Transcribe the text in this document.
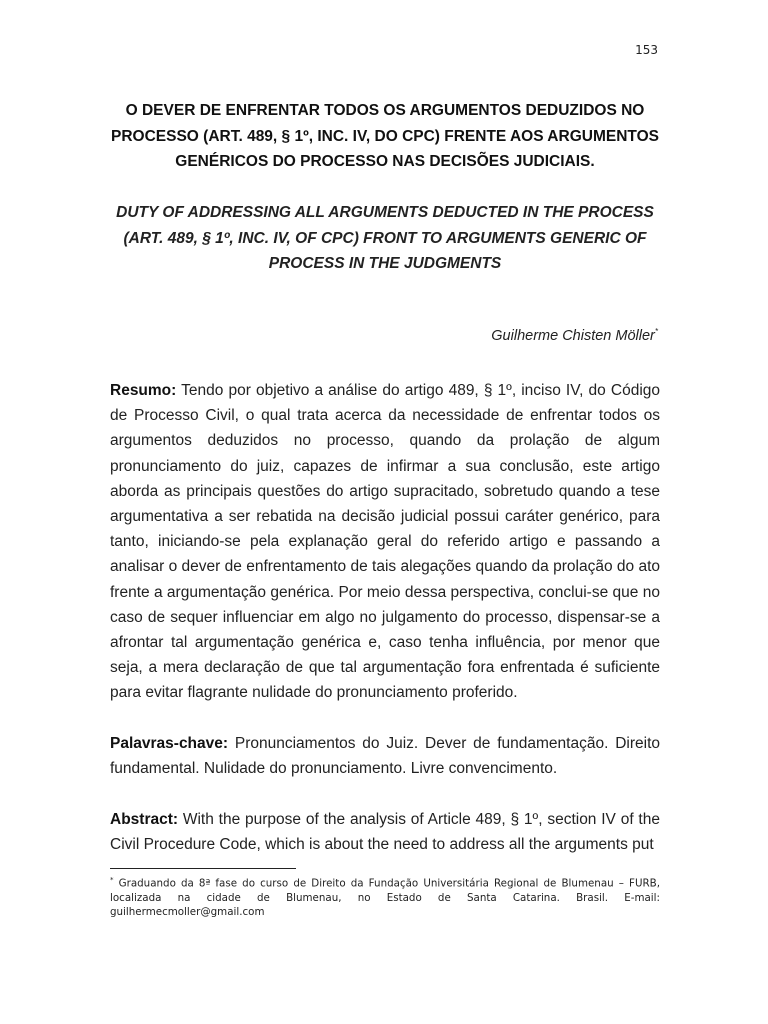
153
O DEVER DE ENFRENTAR TODOS OS ARGUMENTOS DEDUZIDOS NO PROCESSO (ART. 489, § 1º, INC. IV, DO CPC) FRENTE AOS ARGUMENTOS GENÉRICOS DO PROCESSO NAS DECISÕES JUDICIAIS.
DUTY OF ADDRESSING ALL ARGUMENTS DEDUCTED IN THE PROCESS (ART. 489, § 1º, INC. IV, OF CPC) FRONT TO ARGUMENTS GENERIC OF PROCESS IN THE JUDGMENTS
Guilherme Chisten Möller*

Resumo: Tendo por objetivo a análise do artigo 489, § 1º, inciso IV, do Código de Processo Civil, o qual trata acerca da necessidade de enfrentar todos os argumentos deduzidos no processo, quando da prolação de algum pronunciamento do juiz, capazes de infirmar a sua conclusão, este artigo aborda as principais questões do artigo supracitado, sobretudo quando a tese argumentativa a ser rebatida na decisão judicial possui caráter genérico, para tanto, iniciando-se pela explanação geral do referido artigo e passando a analisar o dever de enfrentamento de tais alegações quando da prolação do ato frente a argumentação genérica. Por meio dessa perspectiva, conclui-se que no caso de sequer influenciar em algo no julgamento do processo, dispensar-se a afrontar tal argumentação genérica e, caso tenha influência, por menor que seja, a mera declaração de que tal argumentação fora enfrentada é suficiente para evitar flagrante nulidade do pronunciamento proferido.

Palavras-chave: Pronunciamentos do Juiz. Dever de fundamentação. Direito fundamental. Nulidade do pronunciamento. Livre convencimento.

Abstract: With the purpose of the analysis of Article 489, § 1º, section IV of the Civil Procedure Code, which is about the need to address all the arguments put

* Graduando da 8ª fase do curso de Direito da Fundação Universitária Regional de Blumenau – FURB, localizada na cidade de Blumenau, no Estado de Santa Catarina. Brasil. E-mail: guilhermecmoller@gmail.com
